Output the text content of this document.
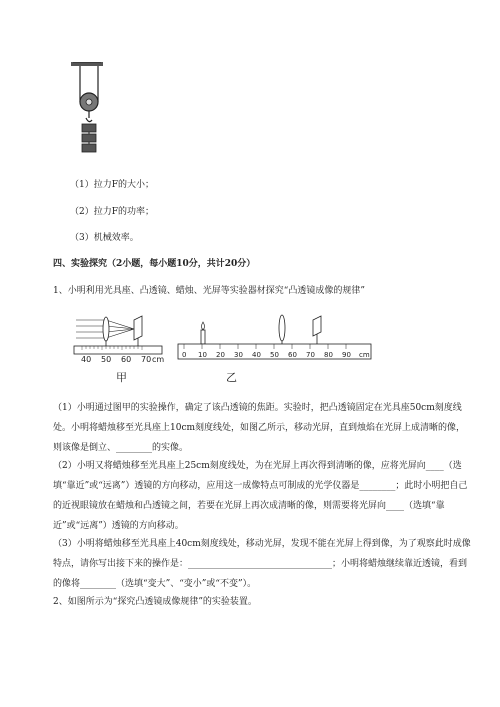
（1）拉力F的大小；
（2）拉力F的功率；
（3）机械效率。
四、实验探究（2小题，每小题10分，共计20分）
1、小明利用光具座、凸透镜、蜡烛、光屏等实验器材探究“凸透镜成像的规律”
40 50 60 70 cm
甲
0 10 20 30 40 50 60 70 80 90 cm
乙
（1）小明通过图甲的实验操作，确定了该凸透镜的焦距。实验时，把凸透镜固定在光具座50cm刻度线处。小明将蜡烛移至光具座上10cm刻度线处，如图乙所示，移动光屏，直到烛焰在光屏上成清晰的像，则该像是倒立、________的实像。
（2）小明又将蜡烛移至光具座上25cm刻度线处，为在光屏上再次得到清晰的像，应将光屏向____（选填“靠近”或“远离”）透镜的方向移动，应用这一成像特点可制成的光学仪器是________；此时小明把自己的近视眼镜放在蜡烛和凸透镜之间，若要在光屏上再次成清晰的像，则需要将光屏向____（选填“靠近”或“远离”）透镜的方向移动。
（3）小明将蜡烛移至光具座上40cm刻度线处，移动光屏，发现不能在光屏上得到像，为了观察此时成像特点，请你写出接下来的操作是：________________________________；小明将蜡烛继续靠近透镜，看到的像将________（选填“变大”、“变小”或“不变”）。
2、如图所示为“探究凸透镜成像规律”的实验装置。
